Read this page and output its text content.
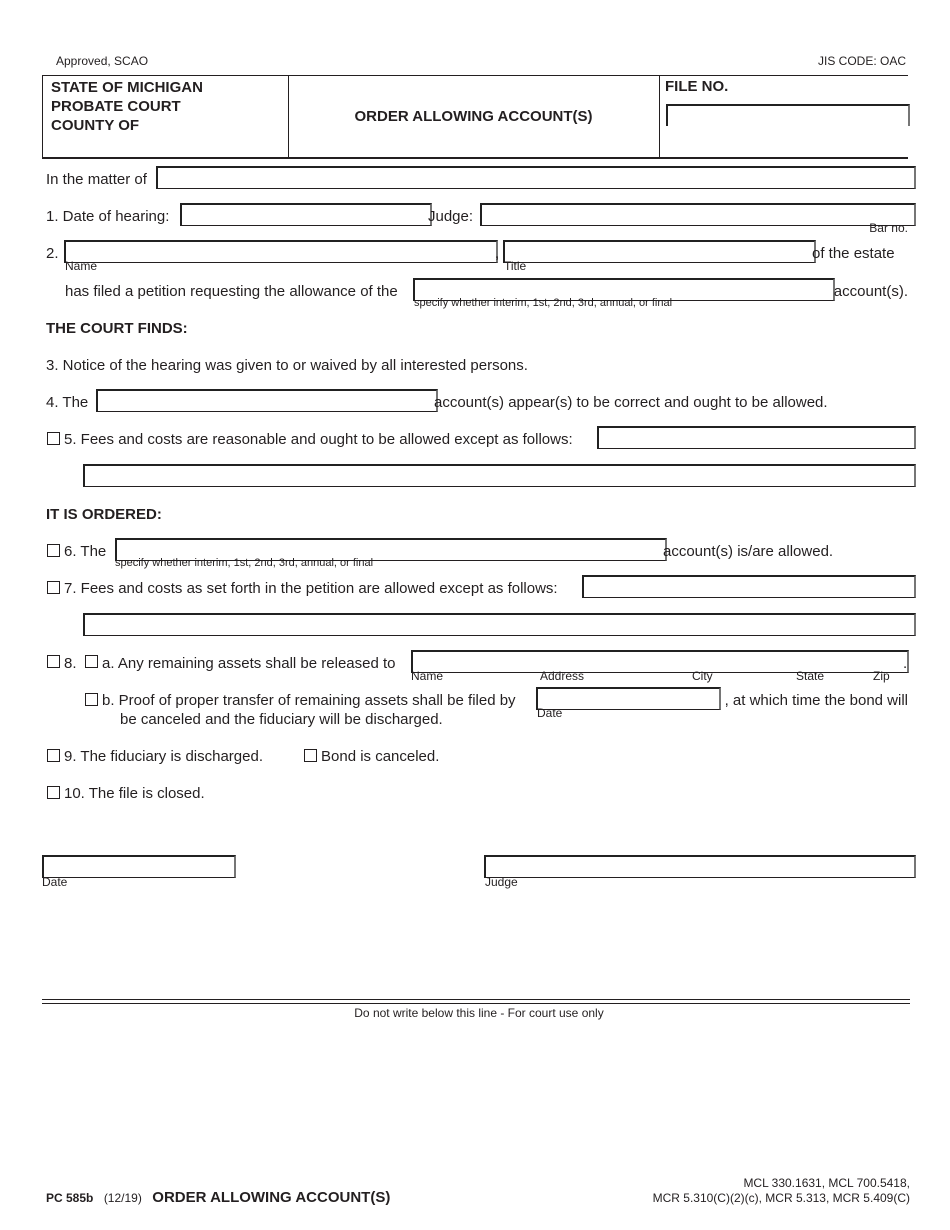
Approved, SCAO	JIS CODE: OAC
STATE OF MICHIGAN
PROBATE COURT
COUNTY OF
ORDER ALLOWING ACCOUNT(S)
FILE NO.
In the matter of
1. Date of hearing:	Judge:
Bar no.
2.
Name
,
Title
of the estate
has filed a petition requesting the allowance of the
specify whether interim, 1st, 2nd, 3rd, annual, or final
account(s).
THE COURT FINDS:
3. Notice of the hearing was given to or waived by all interested persons.
4. The	account(s) appear(s) to be correct and ought to be allowed.
5. Fees and costs are reasonable and ought to be allowed except as follows:
IT IS ORDERED:
6. The
specify whether interim, 1st, 2nd, 3rd, annual, or final
account(s) is/are allowed.
7. Fees and costs as set forth in the petition are allowed except as follows:
8. a. Any remaining assets shall be released to	.
Name	Address	City	State	Zip
b. Proof of proper transfer of remaining assets shall be filed by
Date
, at which time the bond will
be canceled and the fiduciary will be discharged.
9. The fiduciary is discharged.	Bond is canceled.
10. The file is closed.
Date	Judge
Do not write below this line - For court use only
PC 585b (12/19) ORDER ALLOWING ACCOUNT(S)
MCL 330.1631, MCL 700.5418,
MCR 5.310(C)(2)(c), MCR 5.313, MCR 5.409(C)
